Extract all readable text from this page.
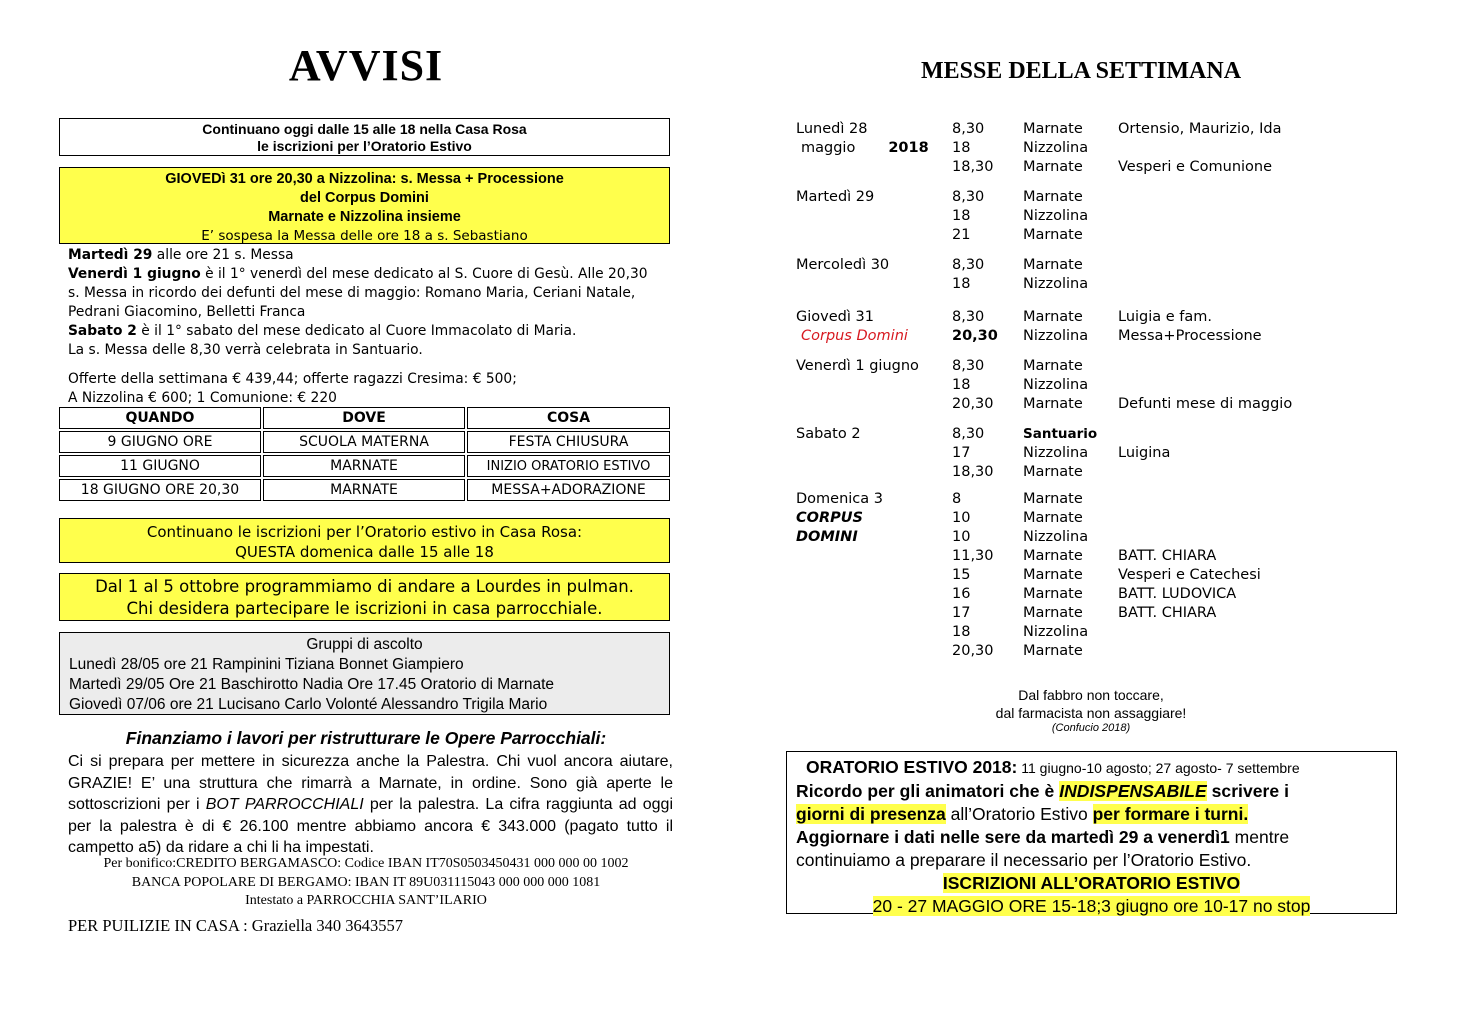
AVVISI
Continuano oggi dalle 15 alle 18 nella Casa Rosa
le iscrizioni per l’Oratorio Estivo
GIOVEDì 31 ore 20,30 a Nizzolina: s. Messa + Processione
del Corpus Domini
Marnate e Nizzolina insieme
E’ sospesa la Messa delle ore 18 a s. Sebastiano
Martedì 29 alle ore 21 s. Messa
Venerdì 1 giugno è il 1° venerdì del mese dedicato al S. Cuore di Gesù. Alle 20,30
s. Messa in ricordo dei defunti del mese di maggio: Romano Maria, Ceriani Natale,
Pedrani Giacomino, Belletti Franca
Sabato 2 è il 1° sabato del mese dedicato al Cuore Immacolato di Maria.
La s. Messa delle 8,30 verrà celebrata in Santuario.
Offerte della settimana € 439,44; offerte ragazzi Cresima: € 500;
A Nizzolina € 600; 1 Comunione: € 220
QUANDO	DOVE	COSA
9 GIUGNO ORE	SCUOLA MATERNA	FESTA CHIUSURA
11 GIUGNO	MARNATE	INIZIO ORATORIO ESTIVO
18 GIUGNO ORE 20,30	MARNATE	MESSA+ADORAZIONE
Continuano le iscrizioni per l’Oratorio estivo in Casa Rosa:
QUESTA domenica dalle 15 alle 18
Dal 1 al 5 ottobre programmiamo di andare a Lourdes in pulman.
Chi desidera partecipare le iscrizioni in casa parrocchiale.
Gruppi di ascolto
Lunedì 28/05 ore 21 Rampinini Tiziana Bonnet Giampiero
Martedì 29/05 Ore 21 Baschirotto Nadia Ore 17.45 Oratorio di Marnate
Giovedì 07/06 ore 21 Lucisano Carlo Volonté Alessandro Trigila Mario
Finanziamo i lavori per ristrutturare le Opere Parrocchiali:
Ci si prepara per mettere in sicurezza anche la Palestra. Chi vuol ancora aiutare, GRAZIE! E’ una struttura che rimarrà a Marnate, in ordine. Sono già aperte le sottoscrizioni per i BOT PARROCCHIALI per la palestra. La cifra raggiunta ad oggi per la palestra è di € 26.100 mentre abbiamo ancora € 343.000 (pagato tutto il campetto a5) da ridare a chi li ha impestati.
Per bonifico:CREDITO BERGAMASCO: Codice IBAN IT70S0503450431 000 000 00 1002
BANCA POPOLARE DI BERGAMO: IBAN IT 89U031115043 000 000 000 1081
Intestato a PARROCCHIA SANT’ILARIO
PER PUILIZIE IN CASA : Graziella 340 3643557
MESSE DELLA SETTIMANA
Lunedì 28
maggio 2018
8,30	Marnate Ortensio, Maurizio, Ida
18	Nizzolina
18,30 Marnate Vesperi e Comunione
Martedì 29	8,30	Marnate
18	Nizzolina
21	Marnate
Mercoledì 30	8,30	Marnate
18	Nizzolina
Giovedì 31
Corpus Domini
8,30	Marnate Luigia e fam.
20,30 Nizzolina Messa+Processione
Venerdì 1 giugno 8,30	Marnate
18	Nizzolina
20,30 Marnate Defunti mese di maggio
Sabato 2	8,30	Santuario
17	Nizzolina Luigina
18,30 Marnate
Domenica 3
CORPUS
DOMINI
8	Marnate
10	Marnate
10	Nizzolina
11,30 Marnate BATT. CHIARA
15	Marnate Vesperi e Catechesi
16	Marnate BATT. LUDOVICA
17	Marnate BATT. CHIARA
18	Nizzolina
20,30 Marnate
Dal fabbro non toccare,
dal farmacista non assaggiare!
(Confucio 2018)
ORATORIO ESTIVO 2018: 11 giugno-10 agosto; 27 agosto- 7 settembre
Ricordo per gli animatori che è INDISPENSABILE scrivere i
giorni di presenza all’Oratorio Estivo per formare i turni.
Aggiornare i dati nelle sere da martedì 29 a venerdì1 mentre
continuiamo a preparare il necessario per l’Oratorio Estivo.
ISCRIZIONI ALL’ORATORIO ESTIVO
20 - 27 MAGGIO ORE 15-18;3 giugno ore 10-17 no stop
